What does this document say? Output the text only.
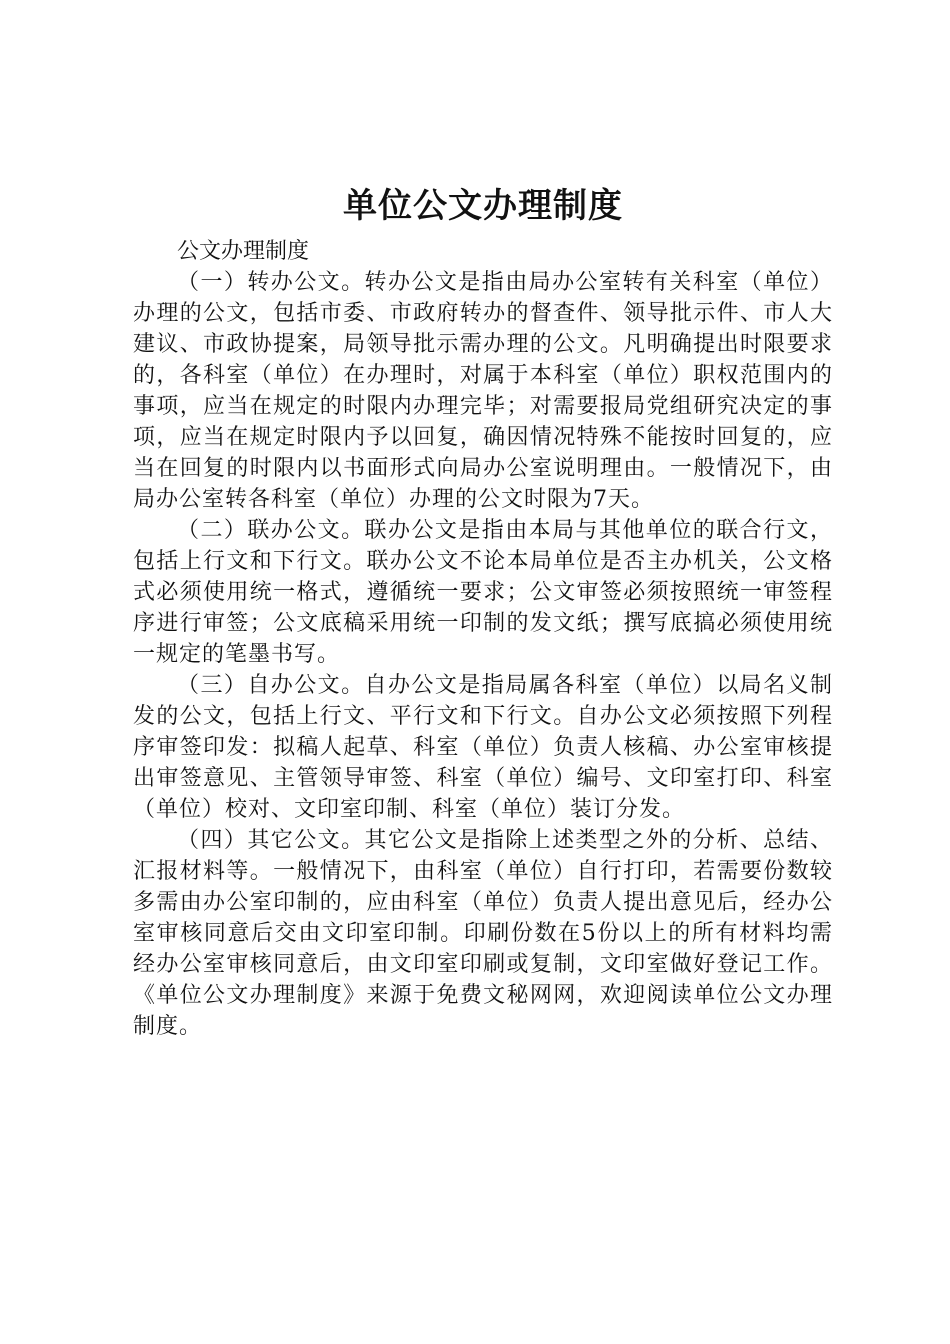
单位公文办理制度

公文办理制度

（一）转办公文。转办公文是指由局办公室转有关科室（单位）办理的公文，包括市委、市政府转办的督查件、领导批示件、市人大建议、市政协提案，局领导批示需办理的公文。凡明确提出时限要求的，各科室（单位）在办理时，对属于本科室（单位）职权范围内的事项，应当在规定的时限内办理完毕；对需要报局党组研究决定的事项，应当在规定时限内予以回复，确因情况特殊不能按时回复的，应当在回复的时限内以书面形式向局办公室说明理由。一般情况下，由局办公室转各科室（单位）办理的公文时限为7天。

（二）联办公文。联办公文是指由本局与其他单位的联合行文，包括上行文和下行文。联办公文不论本局单位是否主办机关，公文格式必须使用统一格式，遵循统一要求；公文审签必须按照统一审签程序进行审签；公文底稿采用统一印制的发文纸；撰写底搞必须使用统一规定的笔墨书写。

（三）自办公文。自办公文是指局属各科室（单位）以局名义制发的公文，包括上行文、平行文和下行文。自办公文必须按照下列程序审签印发：拟稿人起草、科室（单位）负责人核稿、办公室审核提出审签意见、主管领导审签、科室（单位）编号、文印室打印、科室（单位）校对、文印室印制、科室（单位）装订分发。

（四）其它公文。其它公文是指除上述类型之外的分析、总结、汇报材料等。一般情况下，由科室（单位）自行打印，若需要份数较多需由办公室印制的，应由科室（单位）负责人提出意见后，经办公室审核同意后交由文印室印制。印刷份数在5份以上的所有材料均需经办公室审核同意后，由文印室印刷或复制，文印室做好登记工作。《单位公文办理制度》来源于免费文秘网网，欢迎阅读单位公文办理制度。
